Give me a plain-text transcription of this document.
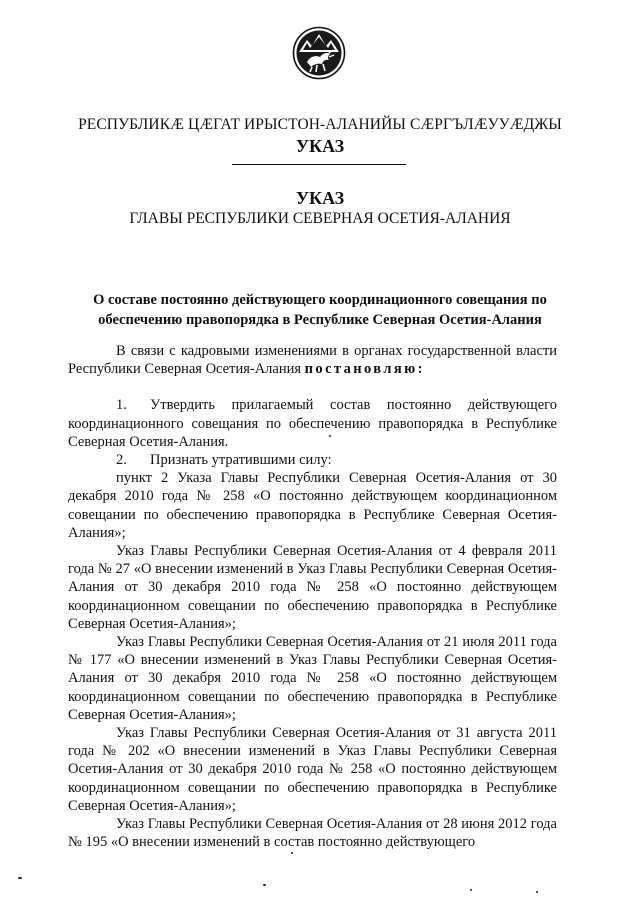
РЕСПУБЛИКӔ ЦӔГАТ ИРЫСТОН-АЛАНИЙЫ СӔРГЪЛӔУУӔДЖЫ
УКАЗ
УКАЗ
ГЛАВЫ РЕСПУБЛИКИ СЕВЕРНАЯ ОСЕТИЯ-АЛАНИЯ
О составе постоянно действующего координационного совещания по
обеспечению правопорядка в Республике Северная Осетия-Алания

В связи с кадровыми изменениями в органах государственной власти Республики Северная Осетия-Алания постановляю:

1. Утвердить прилагаемый состав постоянно действующего координационного совещания по обеспечению правопорядка в Республике Северная Осетия-Алания.

2. Признать утратившими силу:

пункт 2 Указа Главы Республики Северная Осетия-Алания от 30 декабря 2010 года № 258 «О постоянно действующем координационном совещании по обеспечению правопорядка в Республике Северная Осетия-Алания»;

Указ Главы Республики Северная Осетия-Алания от 4 февраля 2011 года № 27 «О внесении изменений в Указ Главы Республики Северная Осетия-Алания от 30 декабря 2010 года № 258 «О постоянно действующем координационном совещании по обеспечению правопорядка в Республике Северная Осетия-Алания»;

Указ Главы Республики Северная Осетия-Алания от 21 июля 2011 года № 177 «О внесении изменений в Указ Главы Республики Северная Осетия-Алания от 30 декабря 2010 года № 258 «О постоянно действующем координационном совещании по обеспечению правопорядка в Республике Северная Осетия-Алания»;

Указ Главы Республики Северная Осетия-Алания от 31 августа 2011 года № 202 «О внесении изменений в Указ Главы Республики Северная Осетия-Алания от 30 декабря 2010 года № 258 «О постоянно действующем координационном совещании по обеспечению правопорядка в Республике Северная Осетия-Алания»;

Указ Главы Республики Северная Осетия-Алания от 28 июня 2012 года № 195 «О внесении изменений в состав постоянно действующего
